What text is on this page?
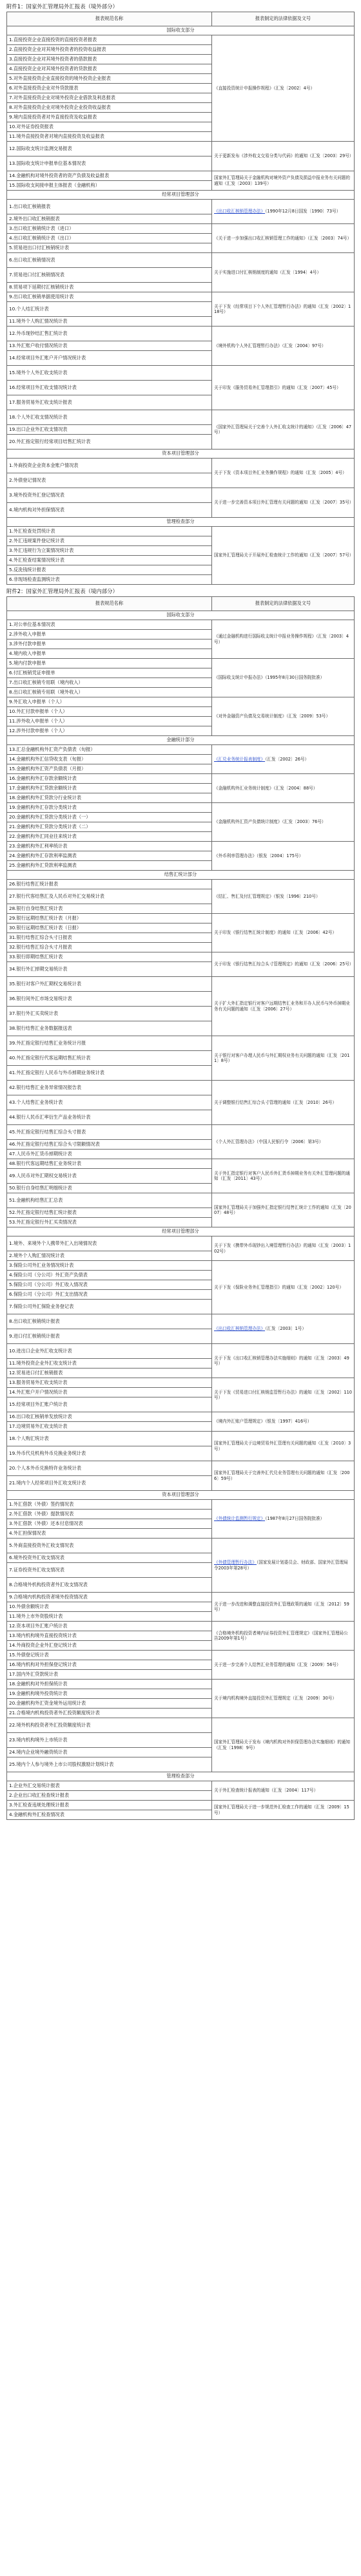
附件1：国家外汇管理局外汇报表（境外部分）
报表规范名称	报表制定的法律依据及文号
国际收支部分	
1.直接投资企业直接投资的直接投资者报表	《直接投资统计申报操作规程》（汇发〔2002〕4号）
2.直接投资企业对其境外投资者的投资收益报表	
3.直接投资企业对其境外投资者的借款报表	
4.直接投资企业对其境外投资者的贷款报表	
5.对外直接投资企业直接投资的境外投资企业报表	
6.对外直接投资企业对外贷款报表	
7.对外直接投资企业对境外投资企业借款及利息报表	
8.对外直接投资企业对境外投资企业投资收益报表	
9.境内直接投资者对外直接投资及收益报表	
10.对外证券投资报表	
11.境外直接投资者对境内直接投资及收益报表	
12.国际收支统计监测交易报表	关于更新发布《涉外收支交易分类与代码》的通知（汇发〔2003〕29号）
13.国际收支统计申报单位基本情况表	
14.金融机构对境外投资者的资产负债及收益报表	国家外汇管理局关于金融机构对境外资产负债及损益申报业务有关问题的通知（汇发〔2003〕139号）
15.国际收支间接申报主体报表（金融机构）	
经常项目管理部分	
1.出口收汇核销报表	《出口收汇核销管理办法》（1990年12月8日国发〔1990〕73号）
2.境外出口收汇核销报表	
3.出口收汇核销统计表（进口）	《关于进一步加强出口收汇核销管理工作的通知》（汇发〔2003〕74号）
4.出口收汇核销统计表（出口）	
5.贸易进出口付汇核销统计表	
6.出口收汇核销情况表	关于实施进口付汇核销制度的通知（汇发〔1994〕4号）
7.贸易进口付汇核销情况表	
8.贸易项下延期付汇核销统计表	
9.出口收汇核销单据使用统计表	关于下发《经常项目下个人外汇管理暂行办法》的通知（汇发〔2002〕118号）
10.个人结汇统计表	
11.境外个人购汇情况统计表	
12.外币现钞结汇售汇统计表	《境外机构个人外汇管理暂行办法》（汇发〔2004〕97号）
13.外汇账户收付情况统计表	
14.经常项目外汇账户开户情况统计表	
15.境外个人外汇收支统计表	关于印发《服务贸易外汇管理指引》的通知（汇发〔2007〕45号）
16.经常项目外汇收支情况统计表	
17.服务贸易外汇收支统计报表	
18.个人外汇收支情况统计表	《国家外汇管理局关于完善个人外汇收支统计的通知》（汇发〔2006〕47号）
19.出口企业外汇收支情况表	
20.外汇指定银行经常项目结售汇统计表	
资本项目管理部分	
1.外商投资企业资本金账户情况表	关于下发《资本项目外汇业务操作规程》的通知（汇发〔2005〕4号）
2.外债登记情况表	
3.境外投资外汇登记情况表	关于进一步完善资本项目外汇管理有关问题的通知（汇发〔2007〕35号）
4.境内机构对外担保情况表	
管理检查部分	
1.外汇检查处罚统计表	国家外汇管理局关于开展外汇检查统计工作的通知（汇发〔2007〕57号）
2.外汇违规案件登记统计表	
3.外汇违规行为立案情况统计表	
4.外汇检查结案情况统计表	
5.反洗钱统计报表	
6.非现场检查监测统计表	
附件2：国家外汇管理局外汇报表（境内部分）
报表规范名称	报表制定的法律依据及文号
国际收支部分	
1.对公单位基本情况表	《通过金融机构进行国际收支统计申报业务操作规程》（汇发〔2003〕4号）
2.涉外收入申报单	
3.涉外付款申报单	
4.境内收入申报单	
5.境内付款申报单	《国际收支统计申报办法》（1995年8月30日国务院批准）
6.付汇核销凭证申报单	
7.出口收汇核销专用联（境内收入）	
8.出口收汇核销专用联（境外收入）	
9.外汇收入申报单（个人）	《对外金融资产负债及交易统计制度》（汇发〔2009〕53号）
10.外汇付款申报单（个人）	
11.涉外收入申报单（个人）	
12.涉外付款申报单（个人）	
金融统计部分	
13.汇总金融机构外汇资产负债表（旬报）	《汇兑业务统计报表制度》（汇发〔2002〕26号）
14.金融机构外汇信贷收支表（旬报）	
15.金融机构外汇资产负债表（月报）	
16.金融机构外汇存款余额统计表	《金融机构外汇业务统计制度》（汇发〔2004〕88号）
17.金融机构外汇贷款余额统计表	
18.金融机构外汇贷款分行业统计表	
19.金融机构外汇存款分类统计表	《金融机构外汇资产负债统计制度》（汇发〔2003〕76号）
20.金融机构外汇贷款分类统计表（一）	
21.金融机构外汇贷款分类统计表（二）	
22.金融机构外汇同业往来统计表	
23.金融机构外汇利率统计表	《外币利率管理办法》（银发〔2004〕175号）
24.金融机构外汇存款利率监测表	
25.金融机构外汇贷款利率监测表	
结售汇统计部分	
26.银行结售汇统计报表	《结汇、售汇及付汇管理规定》（银发〔1996〕210号）
27.银行代客结售汇及人民币对外汇交易统计表	
28.银行自身结售汇统计表	
29.银行远期结售汇统计表（月报）	关于印发《银行结售汇统计制度》的通知（汇发〔2006〕42号）
30.银行远期结售汇统计表（日报）	
31.银行结售汇综合头寸日报表	
32.银行结售汇综合头寸月报表	
33.银行即期结售汇统计表	关于印发《银行结售汇综合头寸管理规定》的通知（汇发〔2006〕25号）
34.银行外汇掉期交易统计表	
35.银行对客户外汇期权交易统计表	关于扩大外汇指定银行对客户远期结售汇业务和开办人民币与外币掉期业务有关问题的通知（汇发〔2006〕27号）
36.银行间外汇市场交易统计表	
37.银行外汇买卖统计表	
38.银行结售汇业务数据报送表	
39.外汇指定银行结售汇业务统计月报	关于银行对客户办理人民币与外汇期权业务有关问题的通知（汇发〔2011〕8号）
40.外汇指定银行代客远期结售汇统计表	
41.外汇指定银行人民币与外币掉期业务统计表	
42.银行结售汇业务异常情况报告表	关于调整银行结售汇综合头寸管理的通知（汇发〔2010〕26号）
43.个人结售汇业务统计表	
44.银行人民币汇率衍生产品业务统计表	
45.外汇指定银行结售汇综合头寸报表	《个人外汇管理办法》（中国人民银行令〔2006〕第3号）
46.外汇指定银行结售汇综合头寸限额情况表	
47.人民币外汇货币掉期统计表	
48.银行代客远期结售汇业务统计表	关于外汇指定银行对客户人民币外汇货币掉期业务有关外汇管理问题的通知（汇发〔2011〕43号）
49.人民币对外汇期权交易统计表	
50.银行自身结售汇明细统计表	
51.金融机构结售汇汇总表	国家外汇管理局关于加强外汇指定银行结售汇统计工作的通知（汇发〔2007〕48号）
52.外汇指定银行结售汇统计报表	
53.外汇指定银行外汇买卖情况表	
经常项目管理部分	
1.境外、来境外个人携带外汇入出境情况表	关于下发《携带外币现钞出入境管理暂行办法》的通知（汇发〔2003〕102号）
2.境外个人购汇情况统计表	
3.保险公司外汇业务情况统计表	关于下发《保险业务外汇管理指引》的通知（汇发〔2002〕120号）
4.保险公司（分公司）外汇资产负债表	
5.保险公司（分公司）外汇收入情况表	
6.保险公司（分公司）外汇支出情况表	
7.保险公司外汇保险业务登记表	
8.出口收汇核销统计报表	《出口收汇核销管理办法》（汇发〔2003〕1号）
9.进口付汇核销统计报表	
10.进出口企业外汇收支统计表	关于下发《出口收汇核销管理办法实施细则》的通知（汇发〔2003〕49号）
11.境外投资企业外汇收支统计表	
12.贸易进口付汇核销报表	
13.服务贸易外汇收支统计表	关于下发《贸易进口付汇核销监管暂行办法》的通知（汇发〔2002〕110号）
14.外汇账户开户情况统计表	
15.经常项目外汇账户统计表	
16.出口收汇核销单发放统计表	《境内外汇账户管理规定》（银发〔1997〕416号）
17.边境贸易外汇收支统计表	
18.个人购汇统计表	国家外汇管理局关于边境贸易外汇管理有关问题的通知（汇发〔2010〕3号）
19.外币代兑机构外币兑换业务统计表	
20.个人本外币兑换特许业务统计表	国家外汇管理局关于完善外汇代兑业务管理有关问题的通知（汇发〔2006〕59号）
21.境内个人经常项目外汇收支统计表	
资本项目管理部分	
1.外汇借款（外债）签约情况表	《外债统计监测暂行规定》（1987年8月27日国务院批准）
2.外汇借款（外债）提款情况表	
3.外汇借款（外债）还本付息情况表	
4.外汇担保情况表	
5.外商直接投资外汇收支情况表	《外债管理暂行办法》（国家发展计划委员会、财政部、国家外汇管理局令2003年第28号）
6.境外投资外汇收支情况表	
7.证券投资外汇收支情况表	
8.合格境外机构投资者外汇收支情况表	
9.合格境内机构投资者境外投资情况表	关于进一步改进和调整直接投资外汇管理政策的通知（汇发〔2012〕59号）
10.外债余额统计表	
11.境外上市外资股统计表	
12.资本项目外汇账户统计表	《合格境外机构投资者境内证券投资外汇管理规定》（国家外汇管理局公告2009年第1号）
13.境内机构境外直接投资统计表	
14.外商投资企业外汇登记统计表	
15.外债登记统计表	关于进一步完善个人结售汇业务管理的通知（汇发〔2009〕56号）
16.境内机构对外担保登记统计表	
17.国内外汇贷款统计表	
18.金融机构对外担保统计表	关于境内机构境外直接投资外汇管理规定（汇发〔2009〕30号）
19.金融机构境外投资统计表	
20.金融机构外汇资金境外运用统计表	
21.合格境内机构投资者外汇投资额度统计表	
22.境外机构投资者外汇投资额度统计表	国家外汇管理局关于发布《境内机构对外担保管理办法实施细则》的通知（汇发〔1998〕9号）
23.境内机构境外上市统计表	
24.境内企业境外融资统计表	
25.境内个人参与境外上市公司股权激励计划统计表	
管理检查部分	
1.企业外汇交易统计报表	关于外汇检查统计报表的通知（汇发〔2004〕117号）
2.企业出口收汇检查统计报表	
3.外汇检查违规处理统计报表	国家外汇管理局关于进一步规范外汇检查工作的通知（汇发〔2009〕15号）
4.金融机构外汇检查情况表	
